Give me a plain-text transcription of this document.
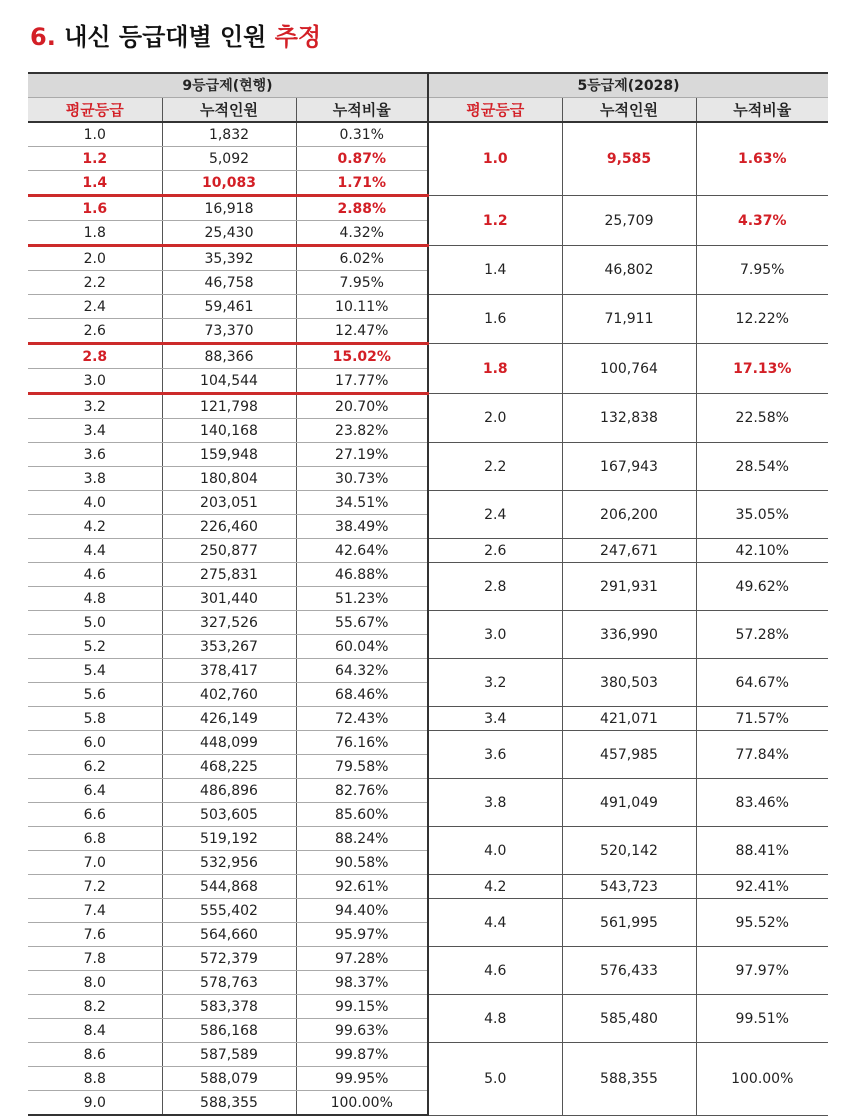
6. 내신 등급대별 인원 추정
9등급제(현행)			5등급제(2028)		
평균등급	누적인원	누적비율	평균등급	누적인원	누적비율
1.0	1,832	0.31%	1.0	9,585	1.63%
1.2	5,092	0.87%			
1.4	10,083	1.71%			
1.6	16,918	2.88%	1.2	25,709	4.37%
1.8	25,430	4.32%			
2.0	35,392	6.02%	1.4	46,802	7.95%
2.2	46,758	7.95%			
2.4	59,461	10.11%	1.6	71,911	12.22%
2.6	73,370	12.47%			
2.8	88,366	15.02%	1.8	100,764	17.13%
3.0	104,544	17.77%			
3.2	121,798	20.70%	2.0	132,838	22.58%
3.4	140,168	23.82%			
3.6	159,948	27.19%	2.2	167,943	28.54%
3.8	180,804	30.73%			
4.0	203,051	34.51%	2.4	206,200	35.05%
4.2	226,460	38.49%			
4.4	250,877	42.64%	2.6	247,671	42.10%
4.6	275,831	46.88%	2.8	291,931	49.62%
4.8	301,440	51.23%			
5.0	327,526	55.67%	3.0	336,990	57.28%
5.2	353,267	60.04%			
5.4	378,417	64.32%	3.2	380,503	64.67%
5.6	402,760	68.46%			
5.8	426,149	72.43%	3.4	421,071	71.57%
6.0	448,099	76.16%	3.6	457,985	77.84%
6.2	468,225	79.58%			
6.4	486,896	82.76%	3.8	491,049	83.46%
6.6	503,605	85.60%			
6.8	519,192	88.24%	4.0	520,142	88.41%
7.0	532,956	90.58%			
7.2	544,868	92.61%	4.2	543,723	92.41%
7.4	555,402	94.40%	4.4	561,995	95.52%
7.6	564,660	95.97%			
7.8	572,379	97.28%	4.6	576,433	97.97%
8.0	578,763	98.37%			
8.2	583,378	99.15%	4.8	585,480	99.51%
8.4	586,168	99.63%			
8.6	587,589	99.87%	5.0	588,355	100.00%
8.8	588,079	99.95%			
9.0	588,355	100.00%			
